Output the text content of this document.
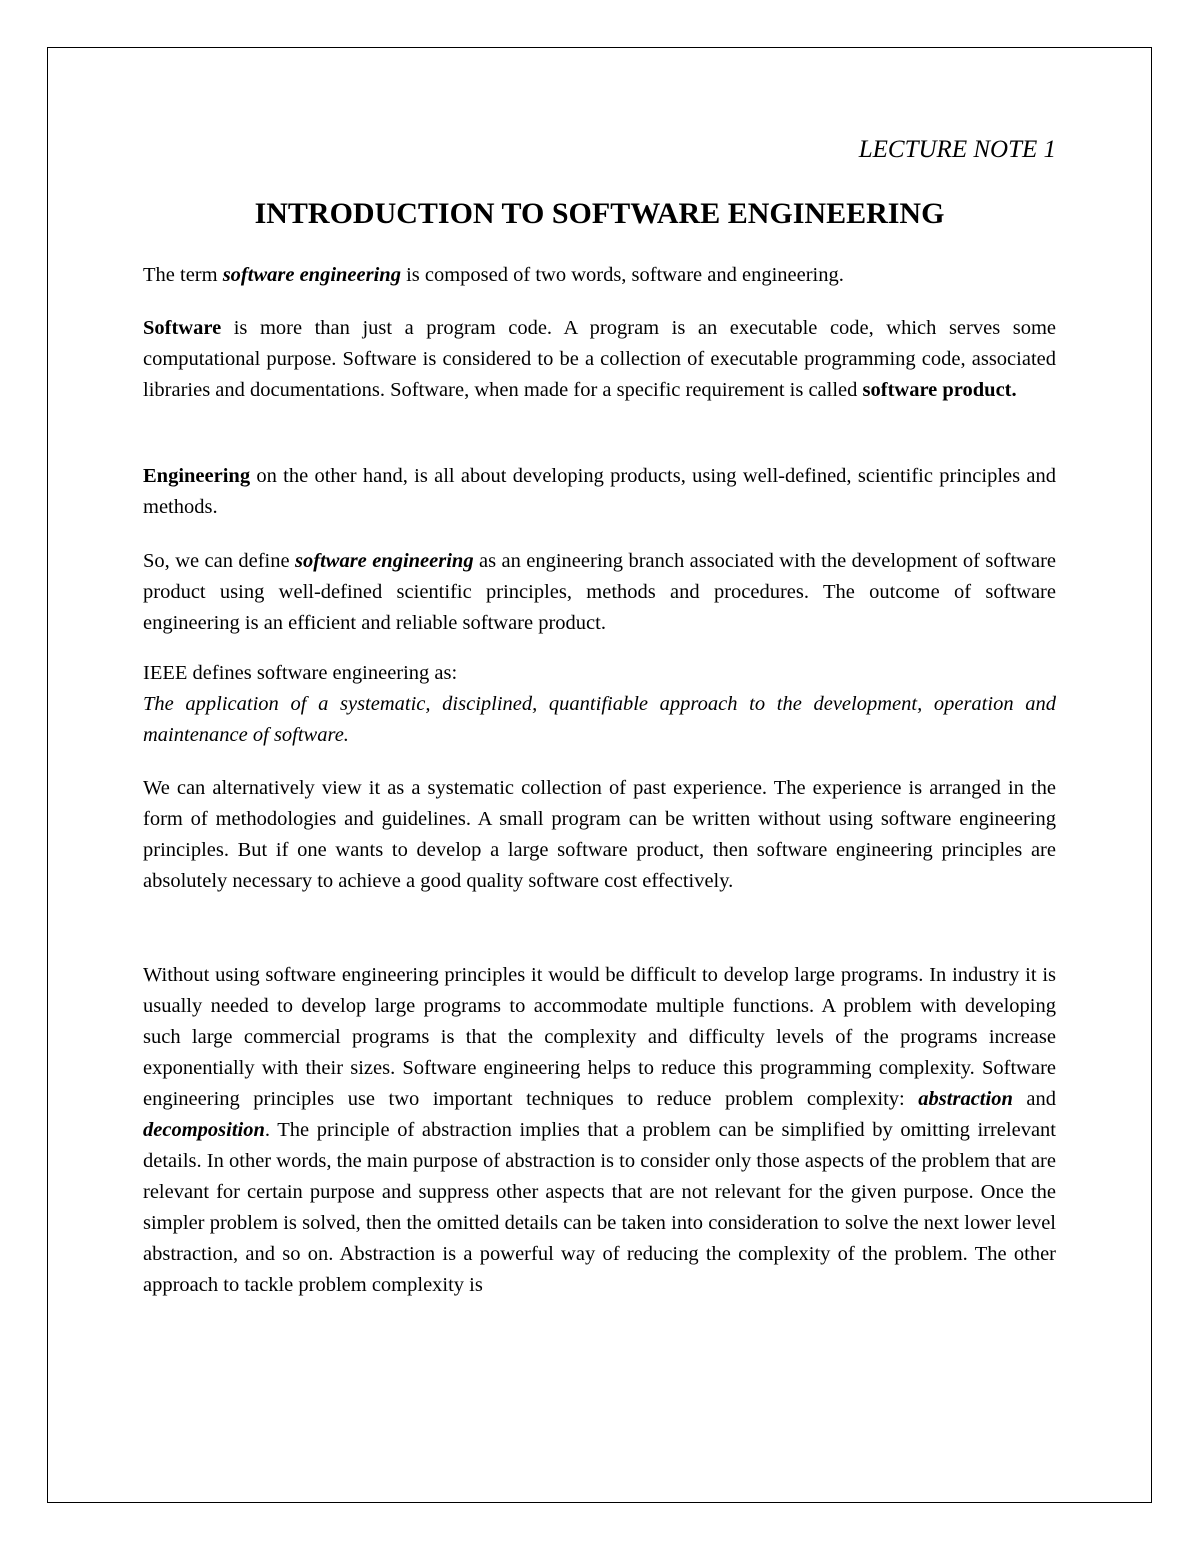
LECTURE NOTE 1
INTRODUCTION TO SOFTWARE ENGINEERING

The term software engineering is composed of two words, software and engineering.

Software is more than just a program code. A program is an executable code, which serves some computational purpose. Software is considered to be a collection of executable programming code, associated libraries and documentations. Software, when made for a specific requirement is called software product.

Engineering on the other hand, is all about developing products, using well-defined, scientific principles and methods.

So, we can define software engineering as an engineering branch associated with the development of software product using well-defined scientific principles, methods and procedures. The outcome of software engineering is an efficient and reliable software product.

IEEE defines software engineering as:

The application of a systematic, disciplined, quantifiable approach to the development, operation and maintenance of software.

We can alternatively view it as a systematic collection of past experience. The experience is arranged in the form of methodologies and guidelines. A small program can be written without using software engineering principles. But if one wants to develop a large software product, then software engineering principles are absolutely necessary to achieve a good quality software cost effectively.

Without using software engineering principles it would be difficult to develop large programs. In industry it is usually needed to develop large programs to accommodate multiple functions. A problem with developing such large commercial programs is that the complexity and difficulty levels of the programs increase exponentially with their sizes. Software engineering helps to reduce this programming complexity. Software engineering principles use two important techniques to reduce problem complexity: abstraction and decomposition. The principle of abstraction implies that a problem can be simplified by omitting irrelevant details. In other words, the main purpose of abstraction is to consider only those aspects of the problem that are relevant for certain purpose and suppress other aspects that are not relevant for the given purpose. Once the simpler problem is solved, then the omitted details can be taken into consideration to solve the next lower level abstraction, and so on. Abstraction is a powerful way of reducing the complexity of the problem. The other approach to tackle problem complexity is
